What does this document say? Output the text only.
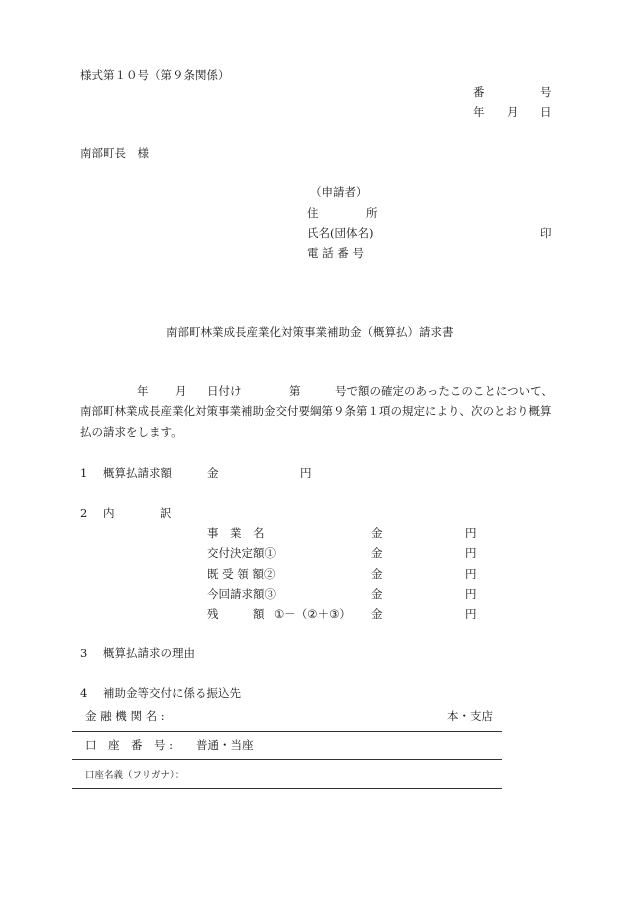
様式第１０号（第９条関係）
番	号
年 月 日
南部町長　様
（申請者）
住	所
氏名(団体名)	印
電 話 番 号
南部町林業成長産業化対策事業補助金（概算払）請求書
年 月 日付け	第	号で額の確定のあったこのことについて、
南部町林業成長産業化対策事業補助金交付要綱第９条第１項の規定により、次のとおり概算
払の請求をします。
1 概算払請求額	金	円
2 内	訳
事　業　名	金	円
交付決定額①	金	円
既 受 領 額②	金	円
今回請求額③	金	円
残　　　額 ①－（②＋③） 金	円
3 概算払請求の理由
4 補助金等交付に係る振込先
金 融 機 関 名 :	本・支店
口　座　番　号 : 普通・当座
口座名義（フリガナ）：
